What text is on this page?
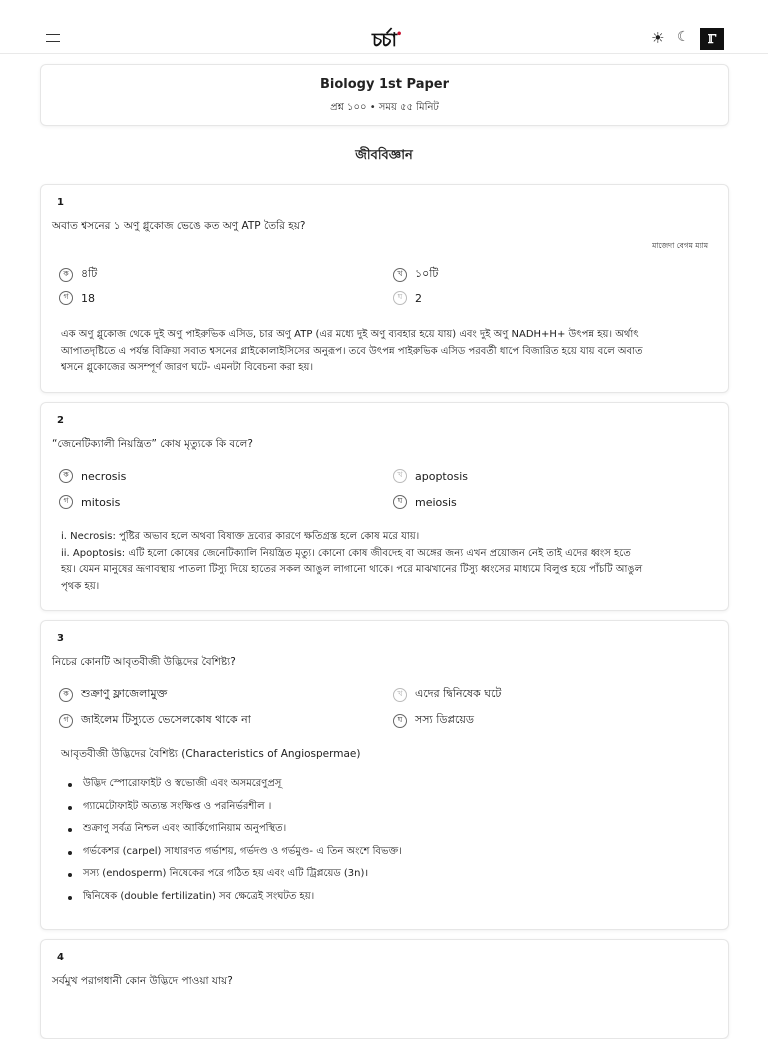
চর্চা•	☀ ☾	ℾ
Biology 1st Paper
প্রশ্ন ১০০ • সময় ৫৫ মিনিট
জীববিজ্ঞান
1
অবাত শ্বসনের ১ অণু গ্লুকোজ ভেঙে কত অণু ATP তৈরি হয়?
মাজেদা বেগম ম্যাম
ক	৪টি	খ	১০টি
গ	18	ঘ	2
এক অণু গ্লুকোজ থেকে দুই অণু পাইরুভিক এসিড, চার অণু ATP (এর মধ্যে দুই অণু ব্যবহার হয়ে যায়) এবং দুই অণু NADH+H+ উৎপন্ন হয়। অর্থাৎ
আপাতদৃষ্টিতে এ পর্যন্ত বিক্রিয়া সবাত শ্বসনের গ্লাইকোলাইসিসের অনুরূপ। তবে উৎপন্ন পাইরুভিক এসিড পরবর্তী ধাপে বিজারিত হয়ে যায় বলে অবাত
শ্বসনে গ্লুকোজের অসম্পূর্ণ জারণ ঘটে- এমনটা বিবেচনা করা হয়।
2
“জেনেটিক্যালী নিয়ন্ত্রিত” কোষ মৃত্যুকে কি বলে?
ক	necrosis	খ	apoptosis
গ	mitosis	ঘ	meiosis
i. Necrosis: পুষ্টির অভাব হলে অথবা বিষাক্ত দ্রব্যের কারণে ক্ষতিগ্রস্ত হলে কোষ মরে যায়।
ii. Apoptosis: এটি হলো কোষের জেনেটিক্যালি নিয়ন্ত্রিত মৃত্যু। কোনো কোষ জীবদেহ বা অঙ্গের জন্য এখন প্রয়োজন নেই তাই এদের ধ্বংস হতে
হয়। যেমন মানুষের ভ্রূণাবস্থায় পাতলা টিস্যু দিয়ে হাতের সকল আঙুল লাগানো থাকে। পরে মাঝখানের টিস্যু ধ্বংসের মাধ্যমে বিলুপ্ত হয়ে পাঁচটি আঙুল
পৃথক হয়।
3
নিচের কোনটি আবৃতবীজী উদ্ভিদের বৈশিষ্ট্য?
ক	শুক্রাণু ফ্লাজেলামুক্ত	খ	এদের দ্বিনিষেক ঘটে
গ	জাইলেম টিস্যুতে ভেসেলকোষ থাকে না	ঘ	সস্য ডিপ্লয়েড
আবৃতবীজী উদ্ভিদের বৈশিষ্ট্য (Characteristics of Angiospermae)
উদ্ভিদ স্পোরোফাইট ও স্বভোজী এবং অসমরেণুপ্রসূ
গ্যামেটোফাইট অত্যন্ত সংক্ষিপ্ত ও পরনির্ভরশীল ।
শুক্রাণু সর্বত্র নিশ্চল এবং আর্কিগোনিয়াম অনুপস্থিত।
গর্ভকেশর (carpel) সাধারণত গর্ভাশয়, গর্ভদণ্ড ও গর্ভমুণ্ড- এ তিন অংশে বিভক্ত।
সস্য (endosperm) নিষেকের পরে গঠিত হয় এবং এটি ট্রিপ্লয়েড (3n)।
দ্বিনিষেক (double fertilizatin) সব ক্ষেত্রেই সংঘটত হয়।
4
সর্বমুখ পরাগধানী কোন উদ্ভিদে পাওয়া যায়?
